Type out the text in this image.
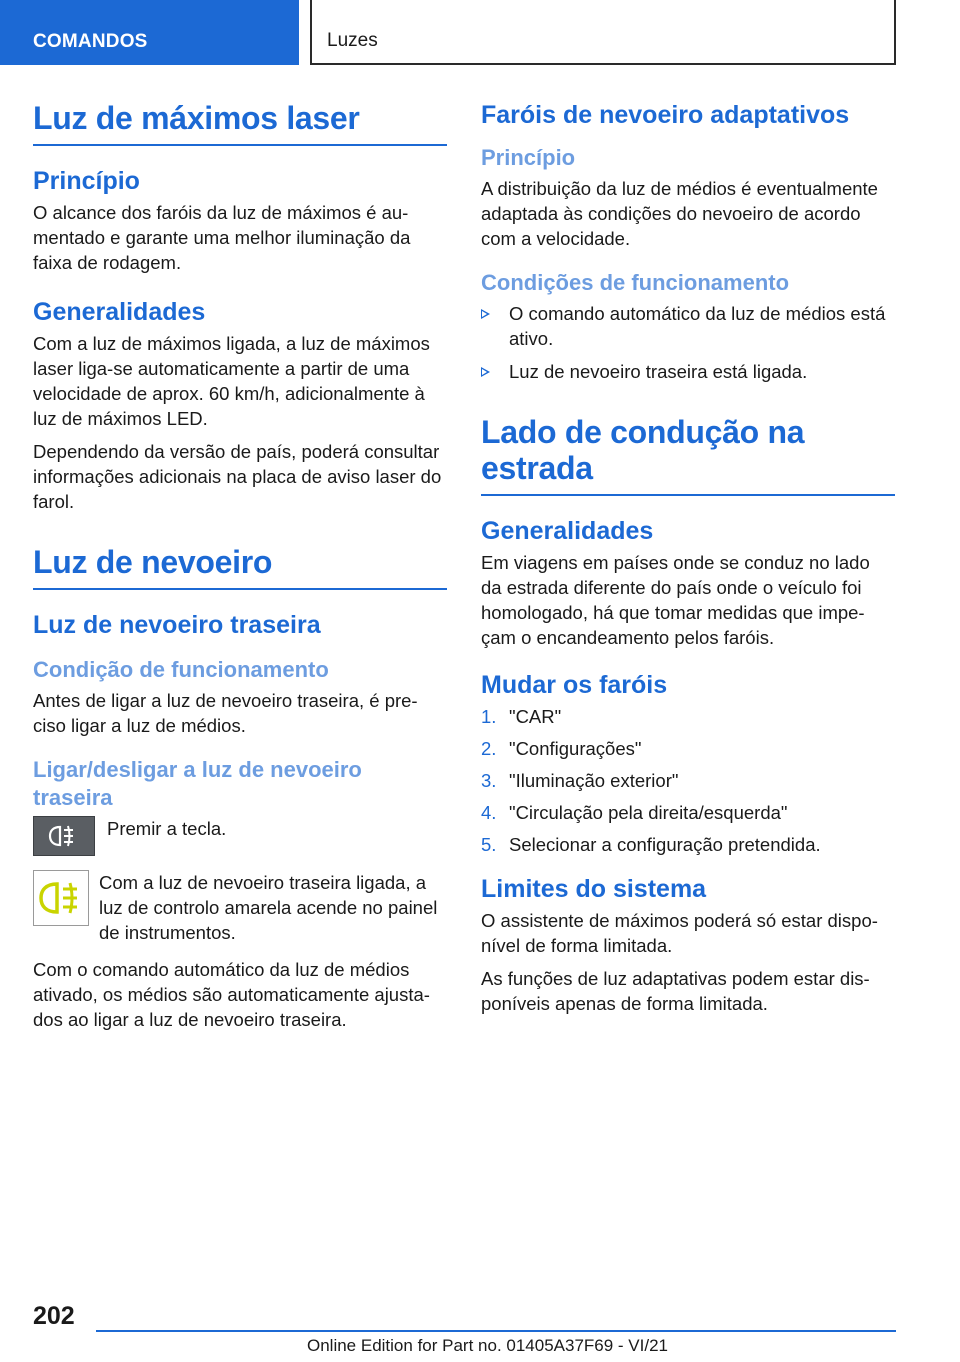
COMANDOS	Luzes
Luz de máximos laser
Princípio
O alcance dos faróis da luz de máximos é au-mentado e garante uma melhor iluminação da faixa de rodagem.
Generalidades
Com a luz de máximos ligada, a luz de máximos laser liga-se automaticamente a partir de uma velocidade de aprox. 60 km/h, adicionalmente à luz de máximos LED.
Dependendo da versão de país, poderá consultar informações adicionais na placa de aviso laser do farol.
Luz de nevoeiro
Luz de nevoeiro traseira
Condição de funcionamento
Antes de ligar a luz de nevoeiro traseira, é pre-ciso ligar a luz de médios.
Ligar/desligar a luz de nevoeiro traseira
Premir a tecla.
Com a luz de nevoeiro traseira ligada, a luz de controlo amarela acende no painel de instrumentos.
Com o comando automático da luz de médios ativado, os médios são automaticamente ajusta-dos ao ligar a luz de nevoeiro traseira.
Faróis de nevoeiro adaptativos
Princípio
A distribuição da luz de médios é eventualmente adaptada às condições do nevoeiro de acordo com a velocidade.
Condições de funcionamento
O comando automático da luz de médios está ativo.
Luz de nevoeiro traseira está ligada.
Lado de condução na estrada
Generalidades
Em viagens em países onde se conduz no lado da estrada diferente do país onde o veículo foi homologado, há que tomar medidas que impe-çam o encandeamento pelos faróis.
Mudar os faróis
1. "CAR"
2. "Configurações"
3. "Iluminação exterior"
4. "Circulação pela direita/esquerda"
5. Selecionar a configuração pretendida.
Limites do sistema
O assistente de máximos poderá só estar dispo-nível de forma limitada.
As funções de luz adaptativas podem estar dis-poníveis apenas de forma limitada.
202
Online Edition for Part no. 01405A37F69 - VI/21
